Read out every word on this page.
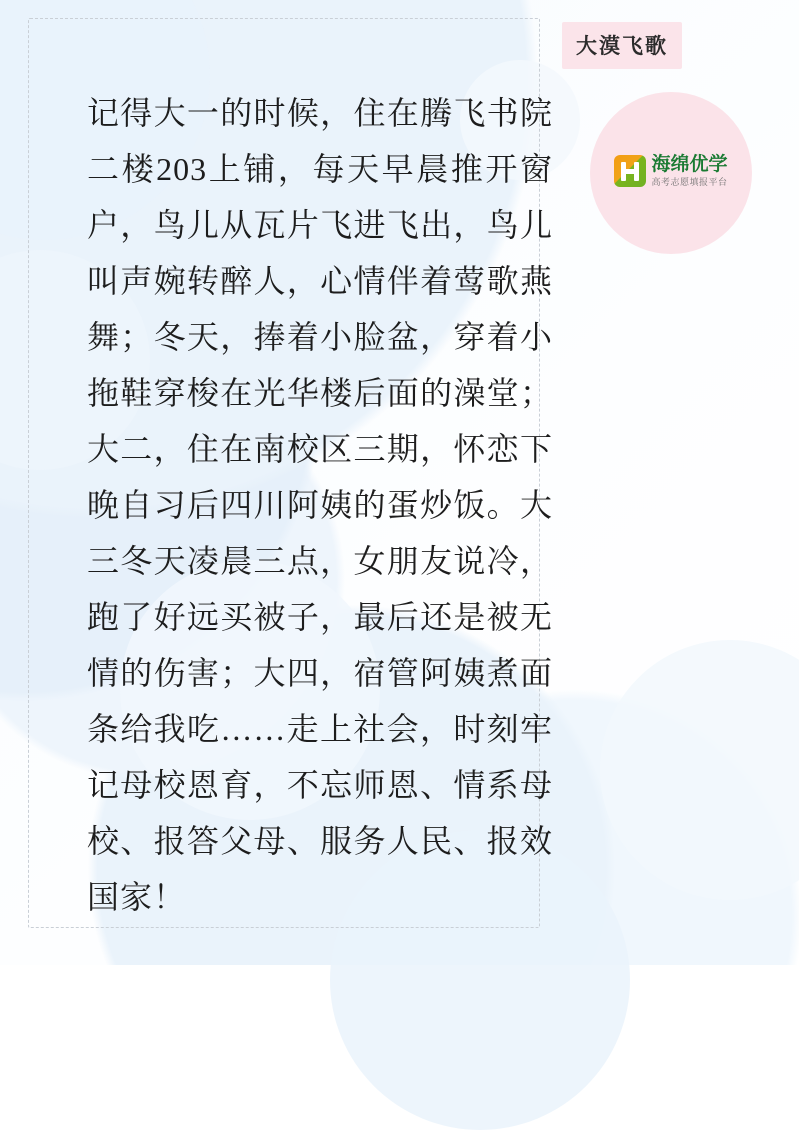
记得大一的时候，住在腾飞书院二楼203上铺，每天早晨推开窗户，鸟儿从瓦片飞进飞出，鸟儿叫声婉转醉人，心情伴着莺歌燕舞；冬天，捧着小脸盆，穿着小拖鞋穿梭在光华楼后面的澡堂；大二，住在南校区三期，怀恋下晚自习后四川阿姨的蛋炒饭。大三冬天凌晨三点，女朋友说冷，跑了好远买被子，最后还是被无情的伤害；大四，宿管阿姨煮面条给我吃……走上社会，时刻牢记母校恩育，不忘师恩、情系母校、报答父母、服务人民、报效国家！
大漠飞歌
海绵优学
高考志愿填报平台
